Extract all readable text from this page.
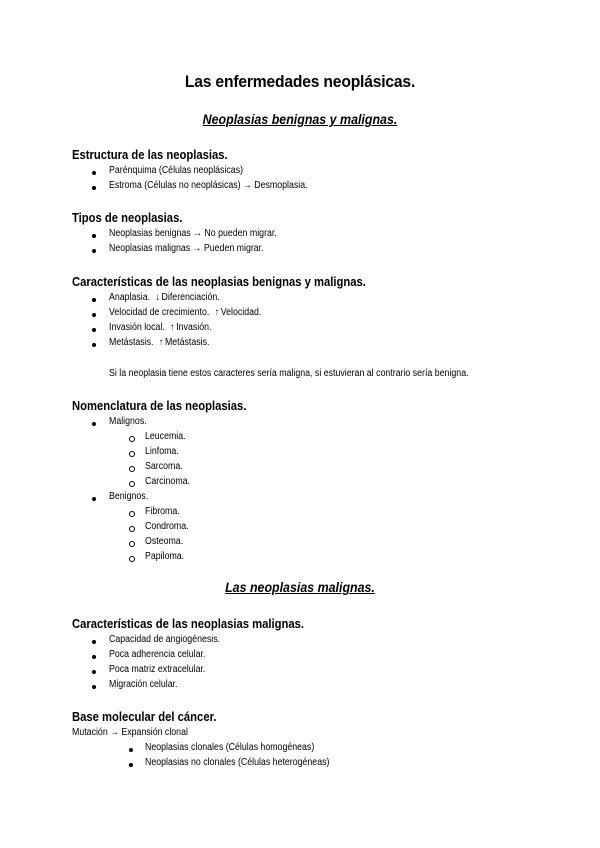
Las enfermedades neoplásicas.
Neoplasias benignas y malignas.
Estructura de las neoplasias.
Parénquima (Células neoplásicas)
Estroma (Células no neoplásicas) → Desmoplasia.
Tipos de neoplasias.
Neoplasias benignas → No pueden migrar.
Neoplasias malignas → Pueden migrar.
Características de las neoplasias benignas y malignas.
Anaplasia. ↓ Diferenciación.
Velocidad de crecimiento. ↑ Velocidad.
Invasión local. ↑ Invasión.
Metástasis. ↑ Metástasis.
Si la neoplasia tiene estos caracteres sería maligna, si estuvieran al contrario sería benigna.
Nomenclatura de las neoplasias.
Malignos.
Leucemia.
Linfoma.
Sarcoma.
Carcinoma.
Benignos.
Fibroma.
Condroma.
Osteoma.
Papiloma.
Las neoplasias malignas.
Características de las neoplasias malignas.
Capacidad de angiogénesis.
Poca adherencia celular.
Poca matriz extracelular.
Migración celular.
Base molecular del cáncer.
Mutación → Expansión clonal
Neoplasias clonales (Células homogéneas)
Neoplasias no clonales (Células heterogéneas)
